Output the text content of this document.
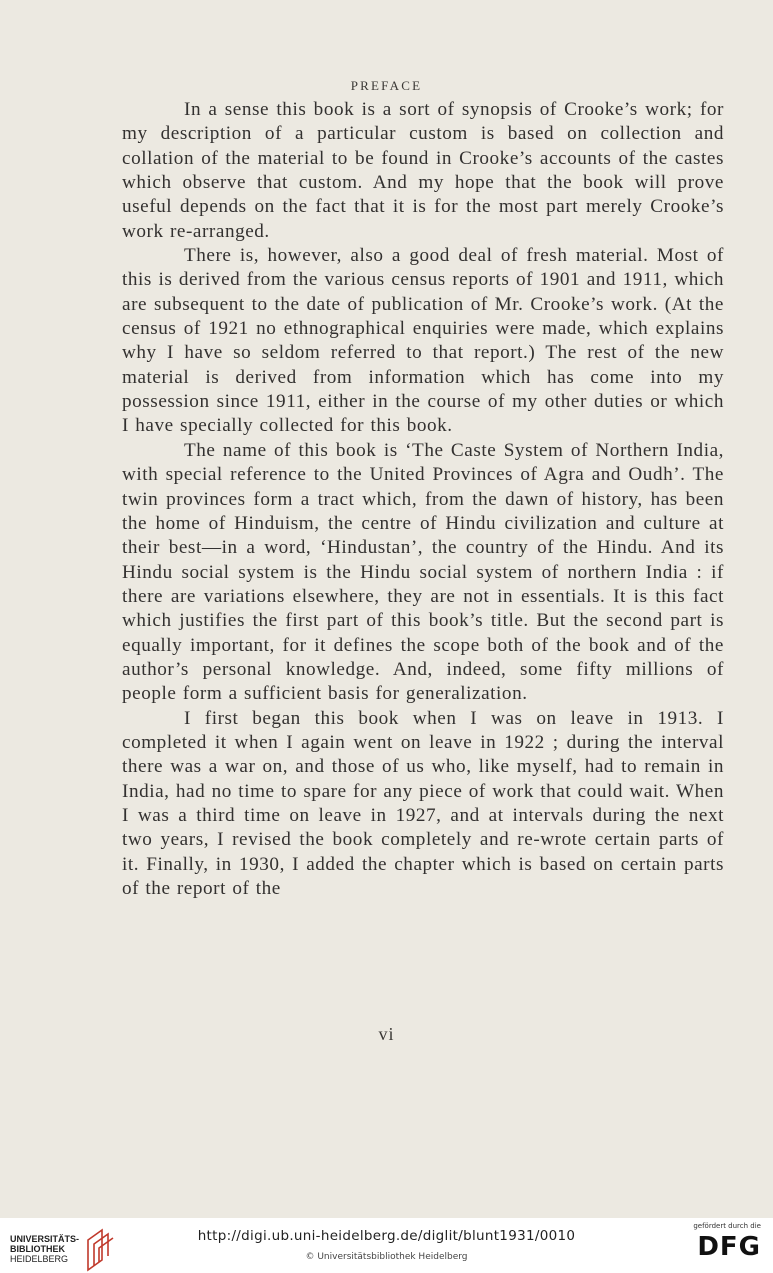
PREFACE

In a sense this book is a sort of synopsis of Crooke’s work; for my description of a particular custom is based on collection and collation of the material to be found in Crooke’s accounts of the castes which observe that custom. And my hope that the book will prove useful depends on the fact that it is for the most part merely Crooke’s work re-arranged.

There is, however, also a good deal of fresh material. Most of this is derived from the various census reports of 1901 and 1911, which are subsequent to the date of publication of Mr. Crooke’s work. (At the census of 1921 no ethnographical enquiries were made, which explains why I have so seldom referred to that report.) The rest of the new material is derived from information which has come into my possession since 1911, either in the course of my other duties or which I have specially collected for this book.

The name of this book is ‘The Caste System of Northern India, with special reference to the United Provinces of Agra and Oudh’. The twin provinces form a tract which, from the dawn of history, has been the home of Hinduism, the centre of Hindu civilization and culture at their best—in a word, ‘Hindustan’, the country of the Hindu. And its Hindu social system is the Hindu social system of northern India : if there are variations elsewhere, they are not in essentials. It is this fact which justifies the first part of this book’s title. But the second part is equally important, for it defines the scope both of the book and of the author’s personal knowledge. And, indeed, some fifty millions of people form a sufficient basis for generalization.

I first began this book when I was on leave in 1913. I completed it when I again went on leave in 1922 ; during the interval there was a war on, and those of us who, like myself, had to remain in India, had no time to spare for any piece of work that could wait. When I was a third time on leave in 1927, and at intervals during the next two years, I revised the book completely and re-wrote certain parts of it. Finally, in 1930, I added the chapter which is based on certain parts of the report of the

vi
UNIVERSITÄTS-
BIBLIOTHEK
HEIDELBERG
http://digi.ub.uni-heidelberg.de/diglit/blunt1931/0010
© Universitätsbibliothek Heidelberg
gefördert durch die
DFG
